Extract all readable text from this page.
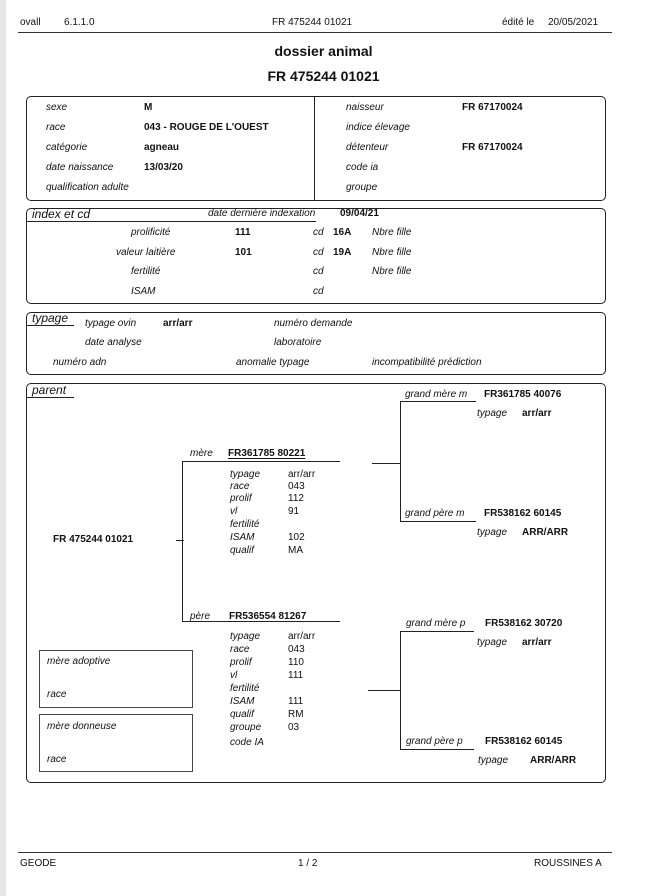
ovall 6.1.1.0	FR 475244 01021	édité le 20/05/2021
dossier animal
FR 475244 01021
sexe	M
race	043 - ROUGE DE L'OUEST
catégorie	agneau
date naissance	13/03/20
qualification adulte
naisseur	FR 67170024
indice élevage
détenteur	FR 67170024
code ia
groupe
index et cd	date dernière indexation 09/04/21
prolificité	111	cd 16A Nbre fille
valeur laitière	101	cd 19A Nbre fille
fertilité	cd	Nbre fille
ISAM	cd
typage typage ovin	arr/arr	numéro demande
date analyse	laboratoire
numéro adn	anomalie typage	incompatibilité prédiction
parent
FR 475244 01021
mère FR361785 80221
typage	arr/arr
race	043
prolif	112
vl	91
fertilité
ISAM	102
qualif	MA
grand mère m FR361785 40076
typage arr/arr
grand père m FR538162 60145
typage ARR/ARR
père FR536554 81267
typage	arr/arr
race	043
prolif	110
vl	111
fertilité
ISAM	111
qualif	RM
groupe	03
code IA
grand mère p FR538162 30720
typage arr/arr
grand père p FR538162 60145
typage ARR/ARR
mère adoptive
race
mère donneuse
race
GEODE	1 / 2	ROUSSINES A
